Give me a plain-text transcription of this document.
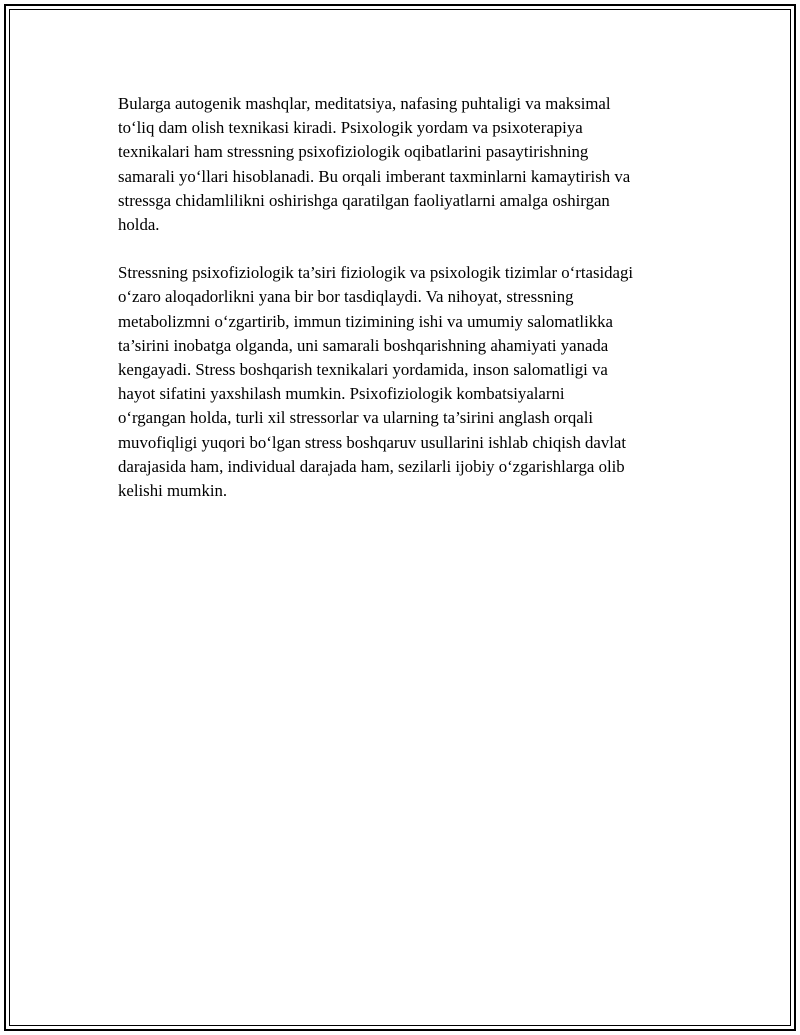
Bularga autogenik mashqlar, meditatsiya, nafasing puhtaligi va maksimal
to‘liq dam olish texnikasi kiradi. Psixologik yordam va psixoterapiya
texnikalari ham stressning psixofiziologik oqibatlarini pasaytirishning
samarali yo‘llari hisoblanadi. Bu orqali imberant taxminlarni kamaytirish va
stressga chidamlilikni oshirishga qaratilgan faoliyatlarni amalga oshirgan
holda.

Stressning psixofiziologik ta’siri fiziologik va psixologik tizimlar o‘rtasidagi
o‘zaro aloqadorlikni yana bir bor tasdiqlaydi. Va nihoyat, stressning
metabolizmni o‘zgartirib, immun tizimining ishi va umumiy salomatlikka
ta’sirini inobatga olganda, uni samarali boshqarishning ahamiyati yanada
kengayadi. Stress boshqarish texnikalari yordamida, inson salomatligi va
hayot sifatini yaxshilash mumkin. Psixofiziologik kombatsiyalarni
o‘rgangan holda, turli xil stressorlar va ularning ta’sirini anglash orqali
muvofiqligi yuqori bo‘lgan stress boshqaruv usullarini ishlab chiqish davlat
darajasida ham, individual darajada ham, sezilarli ijobiy o‘zgarishlarga olib
kelishi mumkin.
